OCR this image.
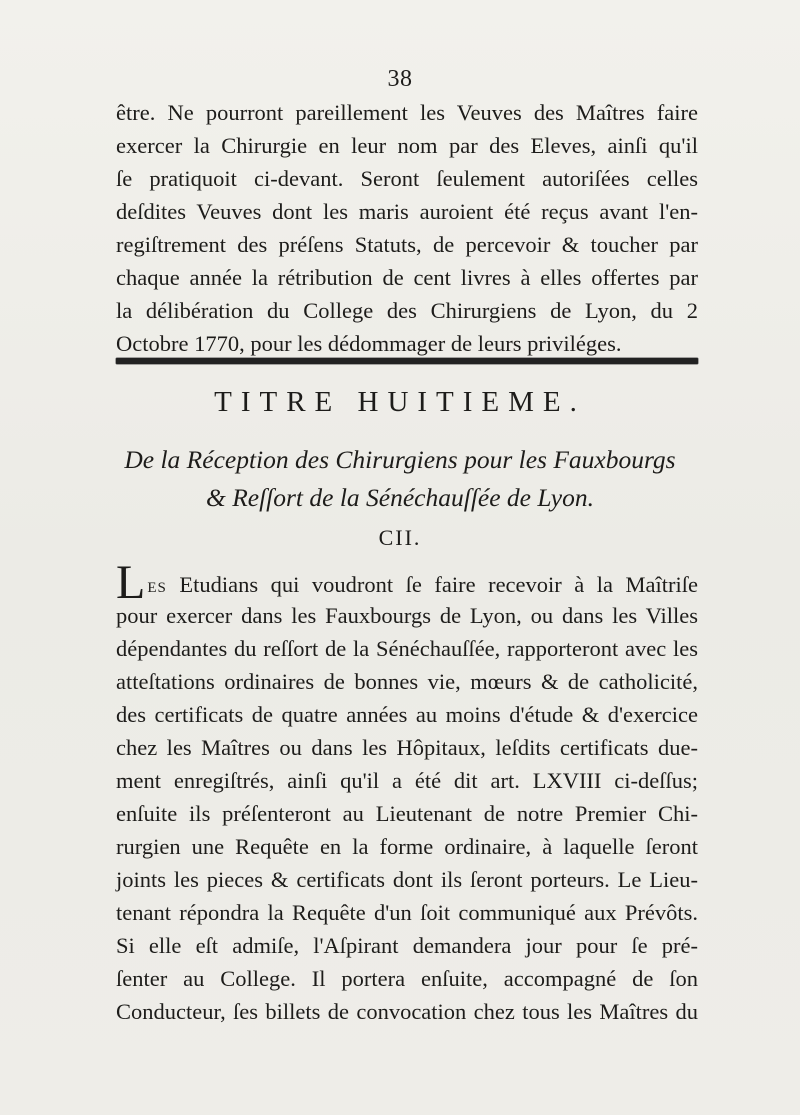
38
être. Ne pourront pareillement les Veuves des Maîtres faire
exercer la Chirurgie en leur nom par des Eleves, ainſi qu'il
ſe pratiquoit ci-devant. Seront ſeulement autoriſées celles
deſdites Veuves dont les maris auroient été reçus avant l'en-
regiſtrement des préſens Statuts, de percevoir & toucher par
chaque année la rétribution de cent livres à elles offertes par
la délibération du College des Chirurgiens de Lyon, du 2
Octobre 1770, pour les dédommager de leurs priviléges.
TITRE HUITIEME.
De la Réception des Chirurgiens pour les Fauxbourgs
& Reſſort de la Sénéchauſſée de Lyon.
CII.
LES Etudians qui voudront ſe faire recevoir à la Maîtriſe
pour exercer dans les Fauxbourgs de Lyon, ou dans les Villes
dépendantes du reſſort de la Sénéchauſſée, rapporteront avec les
atteſtations ordinaires de bonnes vie, mœurs & de catholicité,
des certificats de quatre années au moins d'étude & d'exercice
chez les Maîtres ou dans les Hôpitaux, leſdits certificats due-
ment enregiſtrés, ainſi qu'il a été dit art. LXVIII ci-deſſus;
enſuite ils préſenteront au Lieutenant de notre Premier Chi-
rurgien une Requête en la forme ordinaire, à laquelle ſeront
joints les pieces & certificats dont ils ſeront porteurs. Le Lieu-
tenant répondra la Requête d'un ſoit communiqué aux Prévôts.
Si elle eſt admiſe, l'Aſpirant demandera jour pour ſe pré-
ſenter au College. Il portera enſuite, accompagné de ſon
Conducteur, ſes billets de convocation chez tous les Maîtres du
